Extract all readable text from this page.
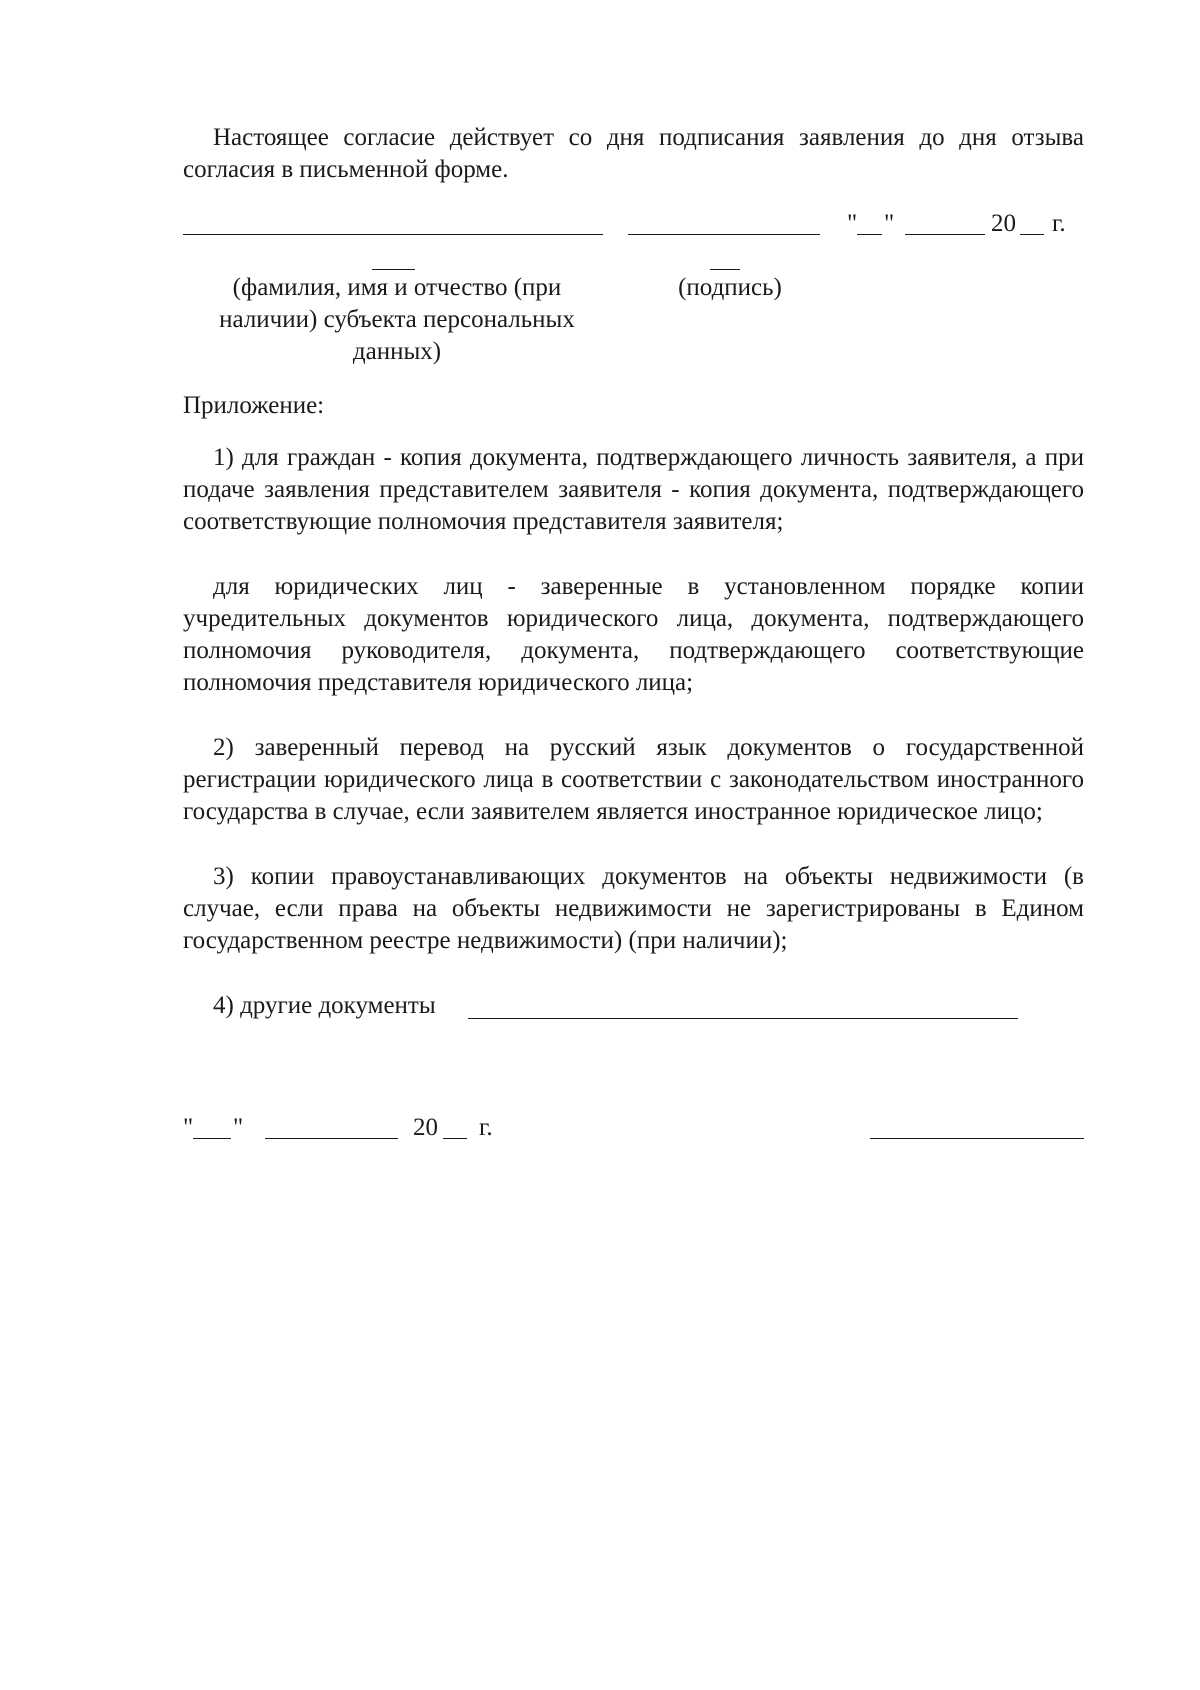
Настоящее согласие действует со дня подписания заявления до дня отзыва согласия в письменной форме.
" "	20 г.
(фамилия, имя и отчество (при наличии) субъекта персональных данных)
(подпись)
Приложение:
1) для граждан - копия документа, подтверждающего личность заявителя, а при подаче заявления представителем заявителя - копия документа, подтверждающего соответствующие полномочия представителя заявителя;
для юридических лиц - заверенные в установленном порядке копии учредительных документов юридического лица, документа, подтверждающего полномочия руководителя, документа, подтверждающего соответствующие полномочия представителя юридического лица;
2) заверенный перевод на русский язык документов о государственной регистрации юридического лица в соответствии с законодательством иностранного государства в случае, если заявителем является иностранное юридическое лицо;
3) копии правоустанавливающих документов на объекты недвижимости (в случае, если права на объекты недвижимости не зарегистрированы в Едином государственном реестре недвижимости) (при наличии);
4) другие документы
" "	20 г.
